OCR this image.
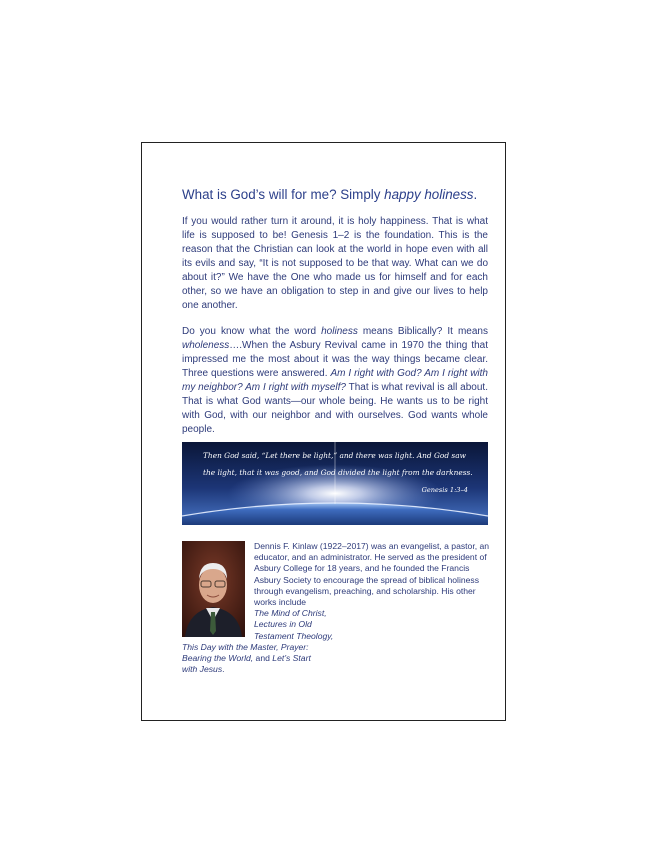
What is God’s will for me? Simply happy holiness.

If you would rather turn it around, it is holy happiness. That is what life is supposed to be! Genesis 1–2 is the foundation. This is the reason that the Christian can look at the world in hope even with all its evils and say, “It is not supposed to be that way. What can we do about it?” We have the One who made us for himself and for each other, so we have an obligation to step in and give our lives to help one another.

Do you know what the word holiness means Biblically? It means wholeness….When the Asbury Revival came in 1970 the thing that impressed me the most about it was the way things became clear. Three questions were answered. Am I right with God? Am I right with my neighbor? Am I right with myself? That is what revival is all about. That is what God wants—our whole being. He wants us to be right with God, with our neighbor and with ourselves. God wants whole people.

Then God said, “Let there be light,” and there was light. And God saw
the light, that it was good, and God divided the light from the darkness.
Genesis 1:3–4

Dennis F. Kinlaw (1922–2017) was an evangelist, a pastor, an educator, and an administrator. He served as the president of Asbury College for 18 years, and he founded the Francis Asbury Society to encourage the spread of biblical holiness through evangelism, preaching, and scholarship. His other works include
The Mind of Christ,
Lectures in Old
Testament Theology,

This Day with the Master, Prayer:
Bearing the World, and Let’s Start
with Jesus.
